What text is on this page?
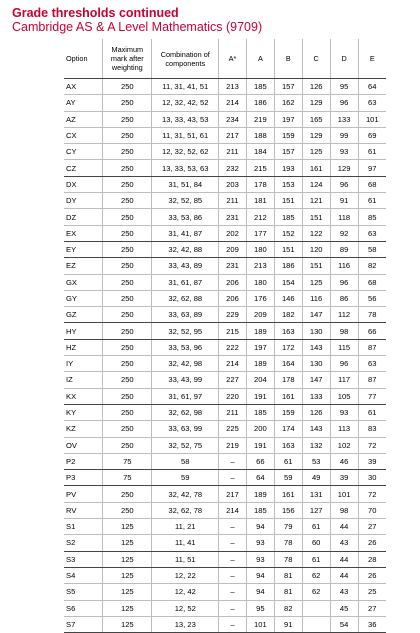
Grade thresholds continued
Cambridge AS & A Level Mathematics (9709)
Option	Maximum mark after weighting	Combination of components	A*	A	B	C	D	E
AX	250	11, 31, 41, 51	213	185	157	126	95	64
AY	250	12, 32, 42, 52	214	186	162	129	96	63
AZ	250	13, 33, 43, 53	234	219	197	165	133	101
CX	250	11, 31, 51, 61	217	188	159	129	99	69
CY	250	12, 32, 52, 62	211	184	157	125	93	61
CZ	250	13, 33, 53, 63	232	215	193	161	129	97
DX	250	31, 51, 84	203	178	153	124	96	68
DY	250	32, 52, 85	211	181	151	121	91	61
DZ	250	33, 53, 86	231	212	185	151	118	85
EX	250	31, 41, 87	202	177	152	122	92	63
EY	250	32, 42, 88	209	180	151	120	89	58
EZ	250	33, 43, 89	231	213	186	151	116	82
GX	250	31, 61, 87	206	180	154	125	96	68
GY	250	32, 62, 88	206	176	146	116	86	56
GZ	250	33, 63, 89	229	209	182	147	112	78
HY	250	32, 52, 95	215	189	163	130	98	66
HZ	250	33, 53, 96	222	197	172	143	115	87
IY	250	32, 42, 98	214	189	164	130	96	63
IZ	250	33, 43, 99	227	204	178	147	117	87
KX	250	31, 61, 97	220	191	161	133	105	77
KY	250	32, 62, 98	211	185	159	126	93	61
KZ	250	33, 63, 99	225	200	174	143	113	83
OV	250	32, 52, 75	219	191	163	132	102	72
P2	75	58	–	66	61	53	46	39
P3	75	59	–	64	59	49	39	30
PV	250	32, 42, 78	217	189	161	131	101	72
RV	250	32, 62, 78	214	185	156	127	98	70
S1	125	11, 21	–	94	79	61	44	27
S2	125	11, 41	–	93	78	60	43	26
S3	125	11, 51	–	93	78	61	44	28
S4	125	12, 22	–	94	81	62	44	26
S5	125	12, 42	–	94	81	62	43	25
S6	125	12, 52	–	95	82		45	27
S7	125	13, 23	–	101	91		54	36
